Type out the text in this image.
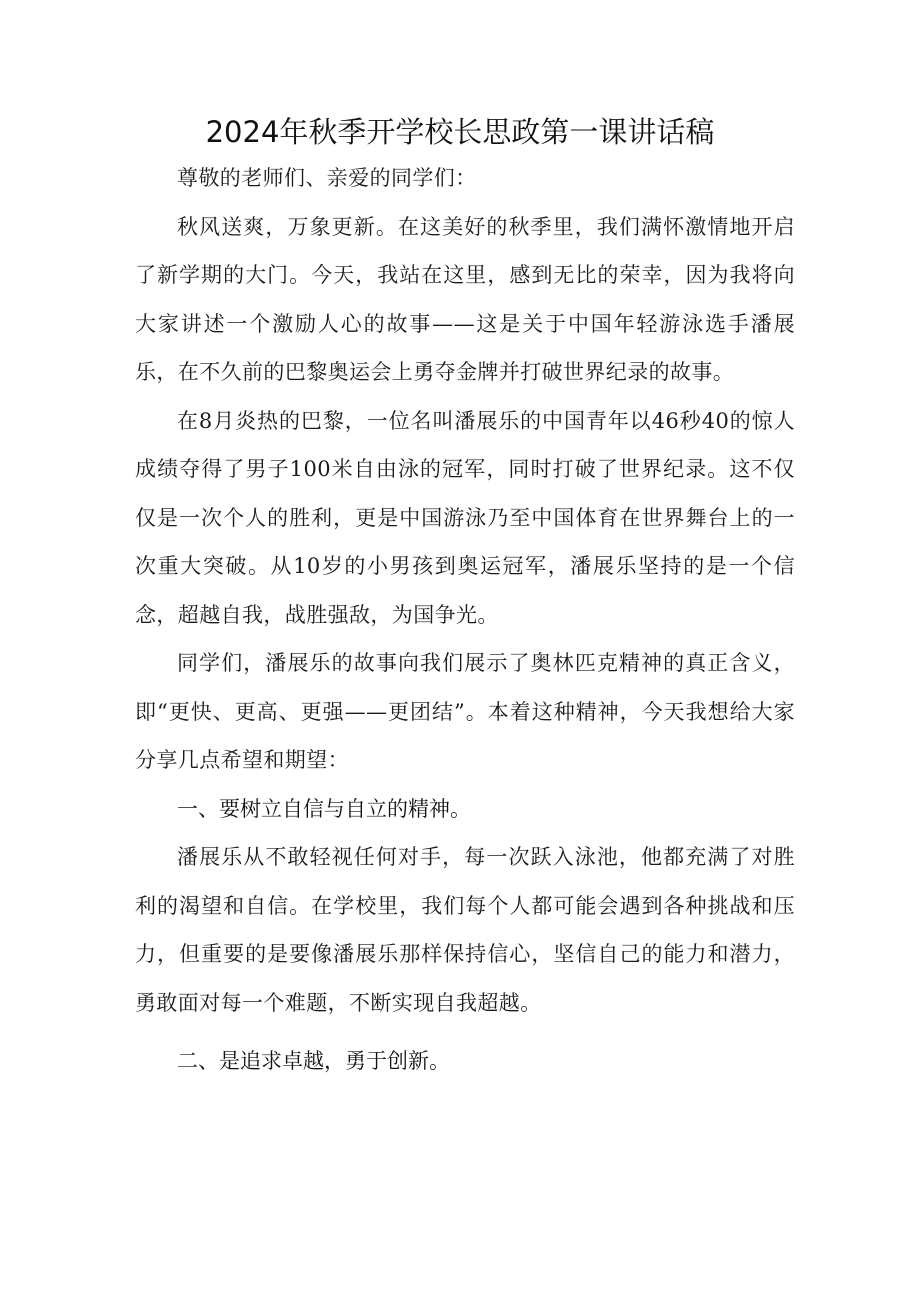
2024年秋季开学校长思政第一课讲话稿

尊敬的老师们、亲爱的同学们：

秋风送爽，万象更新。在这美好的秋季里，我们满怀激情地开启了新学期的大门。今天，我站在这里，感到无比的荣幸，因为我将向大家讲述一个激励人心的故事——这是关于中国年轻游泳选手潘展乐，在不久前的巴黎奥运会上勇夺金牌并打破世界纪录的故事。

在8月炎热的巴黎，一位名叫潘展乐的中国青年以46秒40的惊人成绩夺得了男子100米自由泳的冠军，同时打破了世界纪录。这不仅仅是一次个人的胜利，更是中国游泳乃至中国体育在世界舞台上的一次重大突破。从10岁的小男孩到奥运冠军，潘展乐坚持的是一个信念，超越自我，战胜强敌，为国争光。

同学们，潘展乐的故事向我们展示了奥林匹克精神的真正含义，即“更快、更高、更强——更团结”。本着这种精神，今天我想给大家分享几点希望和期望：

一、要树立自信与自立的精神。

潘展乐从不敢轻视任何对手，每一次跃入泳池，他都充满了对胜利的渴望和自信。在学校里，我们每个人都可能会遇到各种挑战和压力，但重要的是要像潘展乐那样保持信心，坚信自己的能力和潜力，勇敢面对每一个难题，不断实现自我超越。

二、是追求卓越，勇于创新。
